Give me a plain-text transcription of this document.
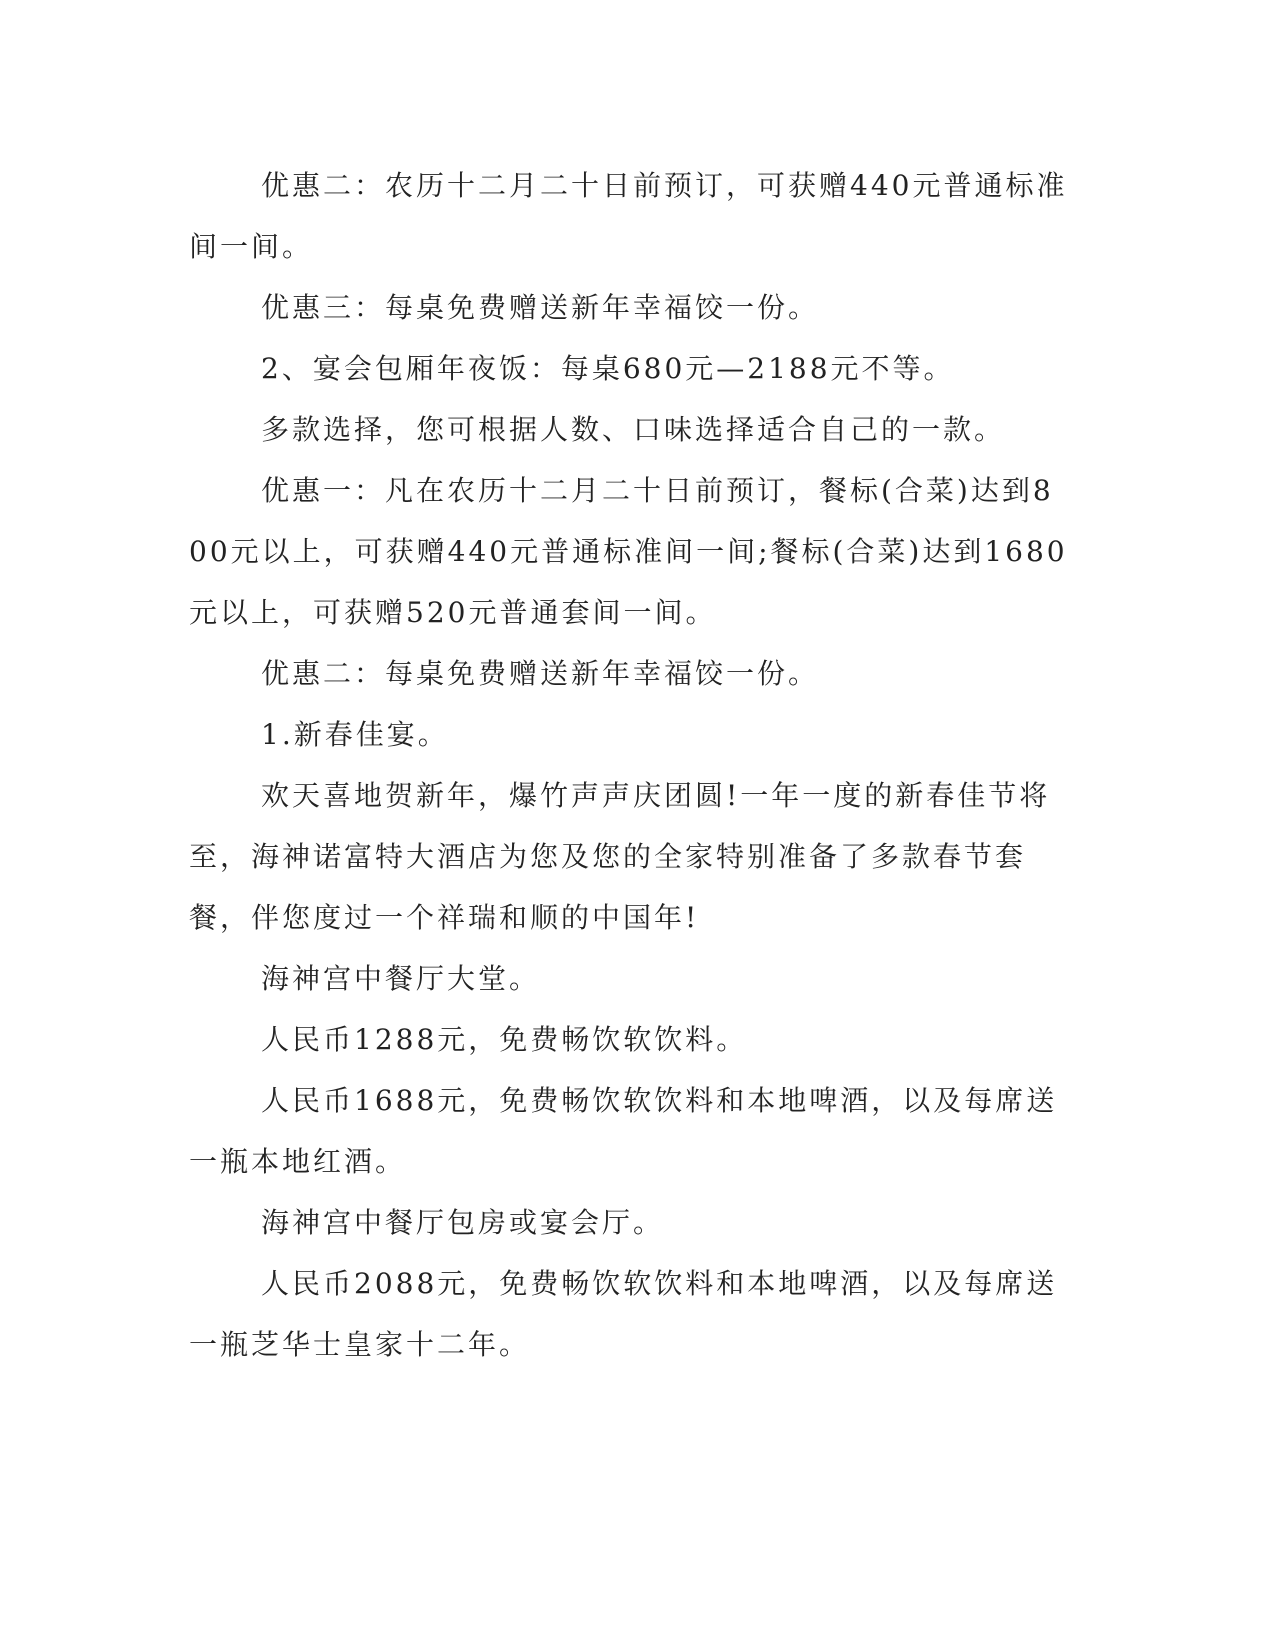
优惠二：农历十二月二十日前预订，可获赠440元普通标准间一间。

优惠三：每桌免费赠送新年幸福饺一份。

2、宴会包厢年夜饭：每桌680元—2188元不等。

多款选择，您可根据人数、口味选择适合自己的一款。

优惠一：凡在农历十二月二十日前预订，餐标(合菜)达到800元以上，可获赠440元普通标准间一间;餐标(合菜)达到1680元以上，可获赠520元普通套间一间。

优惠二：每桌免费赠送新年幸福饺一份。

1.新春佳宴。

欢天喜地贺新年，爆竹声声庆团圆!一年一度的新春佳节将至，海神诺富特大酒店为您及您的全家特别准备了多款春节套餐，伴您度过一个祥瑞和顺的中国年!

海神宫中餐厅大堂。

人民币1288元，免费畅饮软饮料。

人民币1688元，免费畅饮软饮料和本地啤酒，以及每席送一瓶本地红酒。

海神宫中餐厅包房或宴会厅。

人民币2088元，免费畅饮软饮料和本地啤酒，以及每席送一瓶芝华士皇家十二年。
